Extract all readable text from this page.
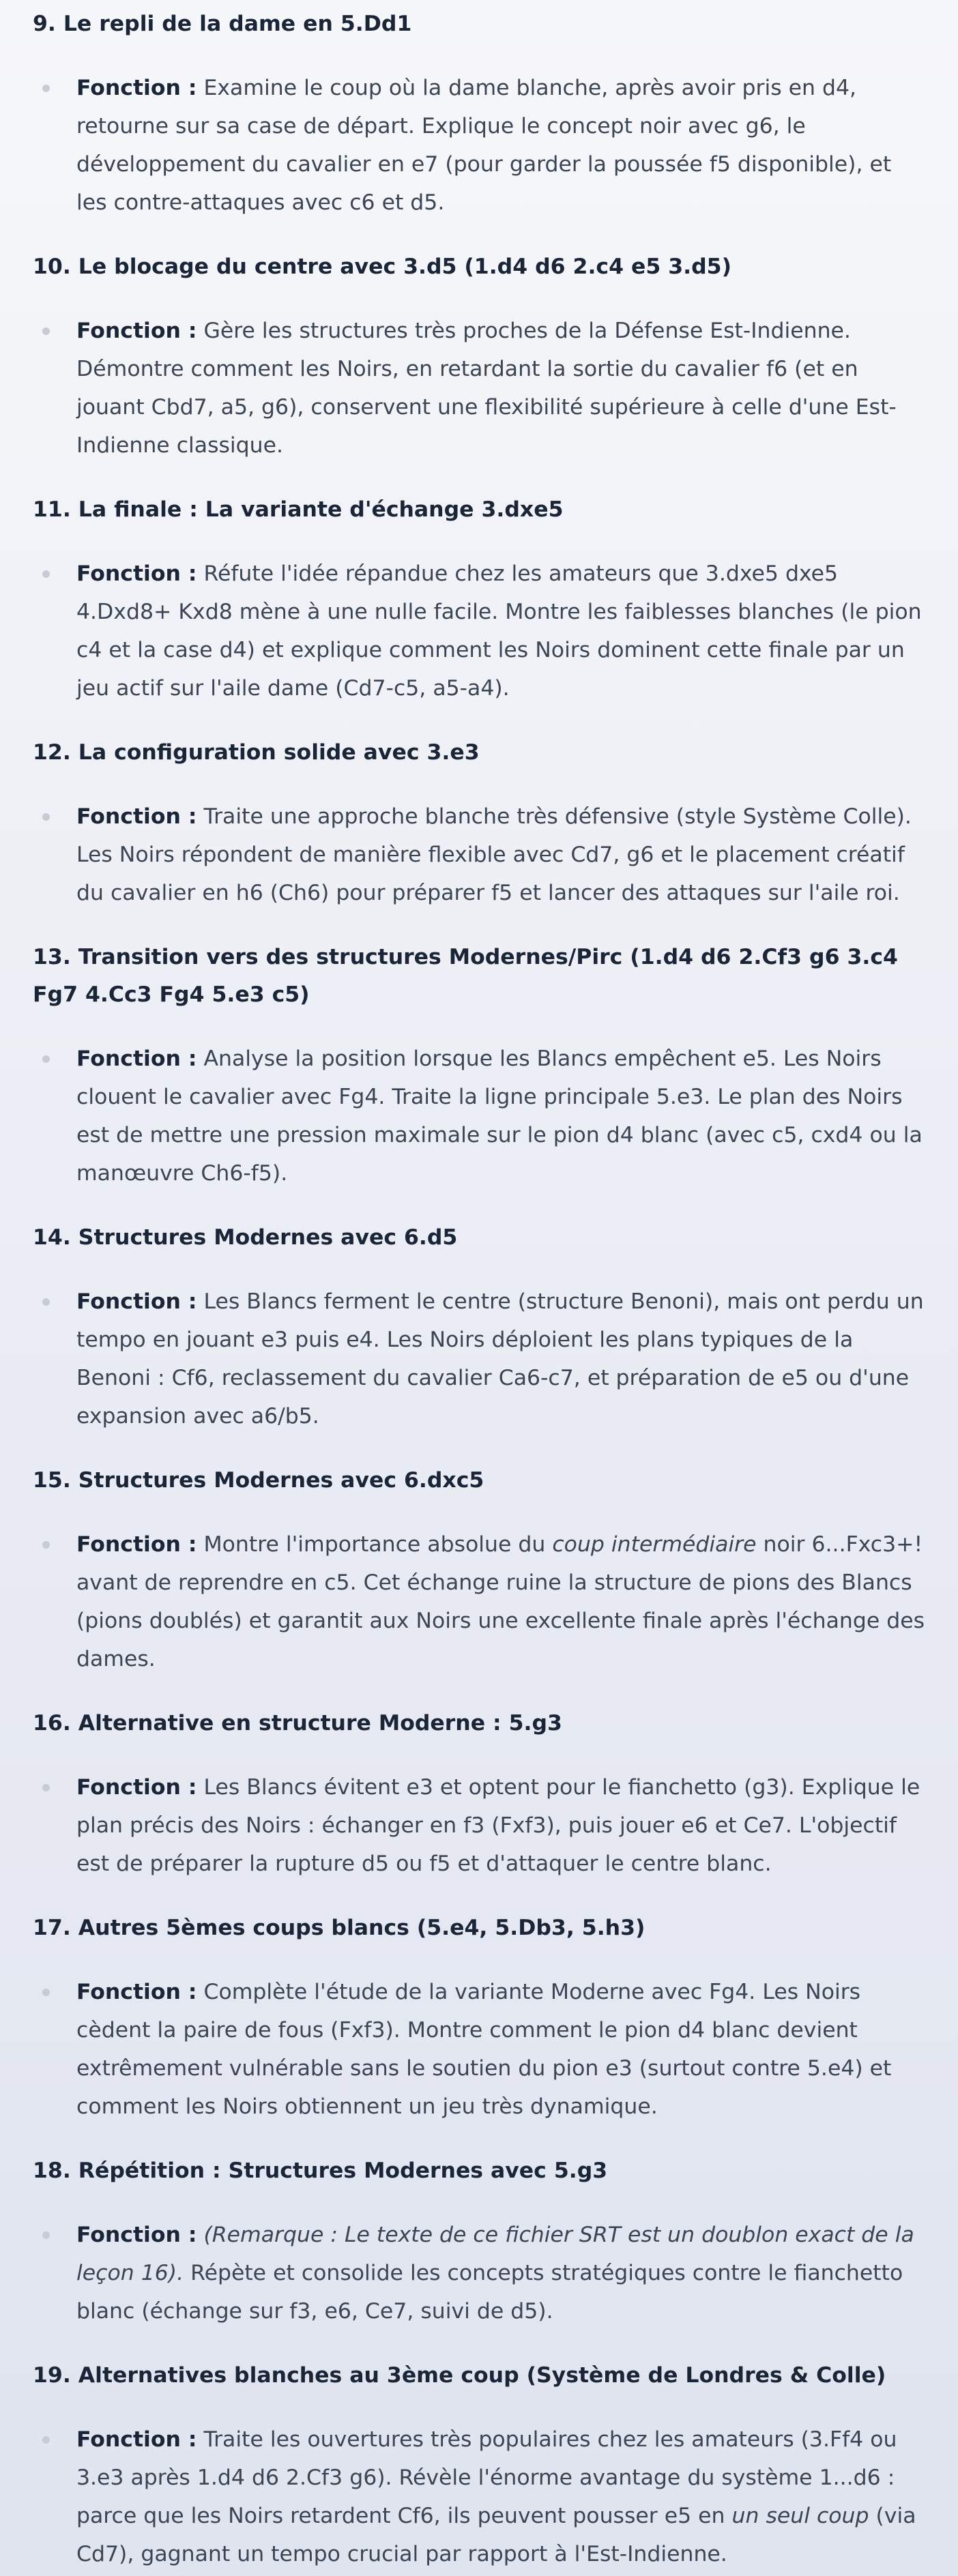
9. Le repli de la dame en 5.Dd1
Fonction : Examine le coup où la dame blanche, après avoir pris en d4, retourne sur sa case de départ. Explique le concept noir avec g6, le développement du cavalier en e7 (pour garder la poussée f5 disponible), et les contre-attaques avec c6 et d5.
10. Le blocage du centre avec 3.d5 (1.d4 d6 2.c4 e5 3.d5)
Fonction : Gère les structures très proches de la Défense Est-Indienne. Démontre comment les Noirs, en retardant la sortie du cavalier f6 (et en jouant Cbd7, a5, g6), conservent une flexibilité supérieure à celle d'une Est-Indienne classique.
11. La finale : La variante d'échange 3.dxe5
Fonction : Réfute l'idée répandue chez les amateurs que 3.dxe5 dxe5 4.Dxd8+ Kxd8 mène à une nulle facile. Montre les faiblesses blanches (le pion c4 et la case d4) et explique comment les Noirs dominent cette finale par un jeu actif sur l'aile dame (Cd7-c5, a5-a4).
12. La configuration solide avec 3.e3
Fonction : Traite une approche blanche très défensive (style Système Colle). Les Noirs répondent de manière flexible avec Cd7, g6 et le placement créatif du cavalier en h6 (Ch6) pour préparer f5 et lancer des attaques sur l'aile roi.
13. Transition vers des structures Modernes/Pirc (1.d4 d6 2.Cf3 g6 3.c4 Fg7 4.Cc3 Fg4 5.e3 c5)
Fonction : Analyse la position lorsque les Blancs empêchent e5. Les Noirs clouent le cavalier avec Fg4. Traite la ligne principale 5.e3. Le plan des Noirs est de mettre une pression maximale sur le pion d4 blanc (avec c5, cxd4 ou la manœuvre Ch6-f5).
14. Structures Modernes avec 6.d5
Fonction : Les Blancs ferment le centre (structure Benoni), mais ont perdu un tempo en jouant e3 puis e4. Les Noirs déploient les plans typiques de la Benoni : Cf6, reclassement du cavalier Ca6-c7, et préparation de e5 ou d'une expansion avec a6/b5.
15. Structures Modernes avec 6.dxc5
Fonction : Montre l'importance absolue du coup intermédiaire noir 6...Fxc3+! avant de reprendre en c5. Cet échange ruine la structure de pions des Blancs (pions doublés) et garantit aux Noirs une excellente finale après l'échange des dames.
16. Alternative en structure Moderne : 5.g3
Fonction : Les Blancs évitent e3 et optent pour le fianchetto (g3). Explique le plan précis des Noirs : échanger en f3 (Fxf3), puis jouer e6 et Ce7. L'objectif est de préparer la rupture d5 ou f5 et d'attaquer le centre blanc.
17. Autres 5èmes coups blancs (5.e4, 5.Db3, 5.h3)
Fonction : Complète l'étude de la variante Moderne avec Fg4. Les Noirs cèdent la paire de fous (Fxf3). Montre comment le pion d4 blanc devient extrêmement vulnérable sans le soutien du pion e3 (surtout contre 5.e4) et comment les Noirs obtiennent un jeu très dynamique.
18. Répétition : Structures Modernes avec 5.g3
Fonction : (Remarque : Le texte de ce fichier SRT est un doublon exact de la leçon 16). Répète et consolide les concepts stratégiques contre le fianchetto blanc (échange sur f3, e6, Ce7, suivi de d5).
19. Alternatives blanches au 3ème coup (Système de Londres & Colle)
Fonction : Traite les ouvertures très populaires chez les amateurs (3.Ff4 ou 3.e3 après 1.d4 d6 2.Cf3 g6). Révèle l'énorme avantage du système 1...d6 : parce que les Noirs retardent Cf6, ils peuvent pousser e5 en un seul coup (via Cd7), gagnant un tempo crucial par rapport à l'Est-Indienne.
